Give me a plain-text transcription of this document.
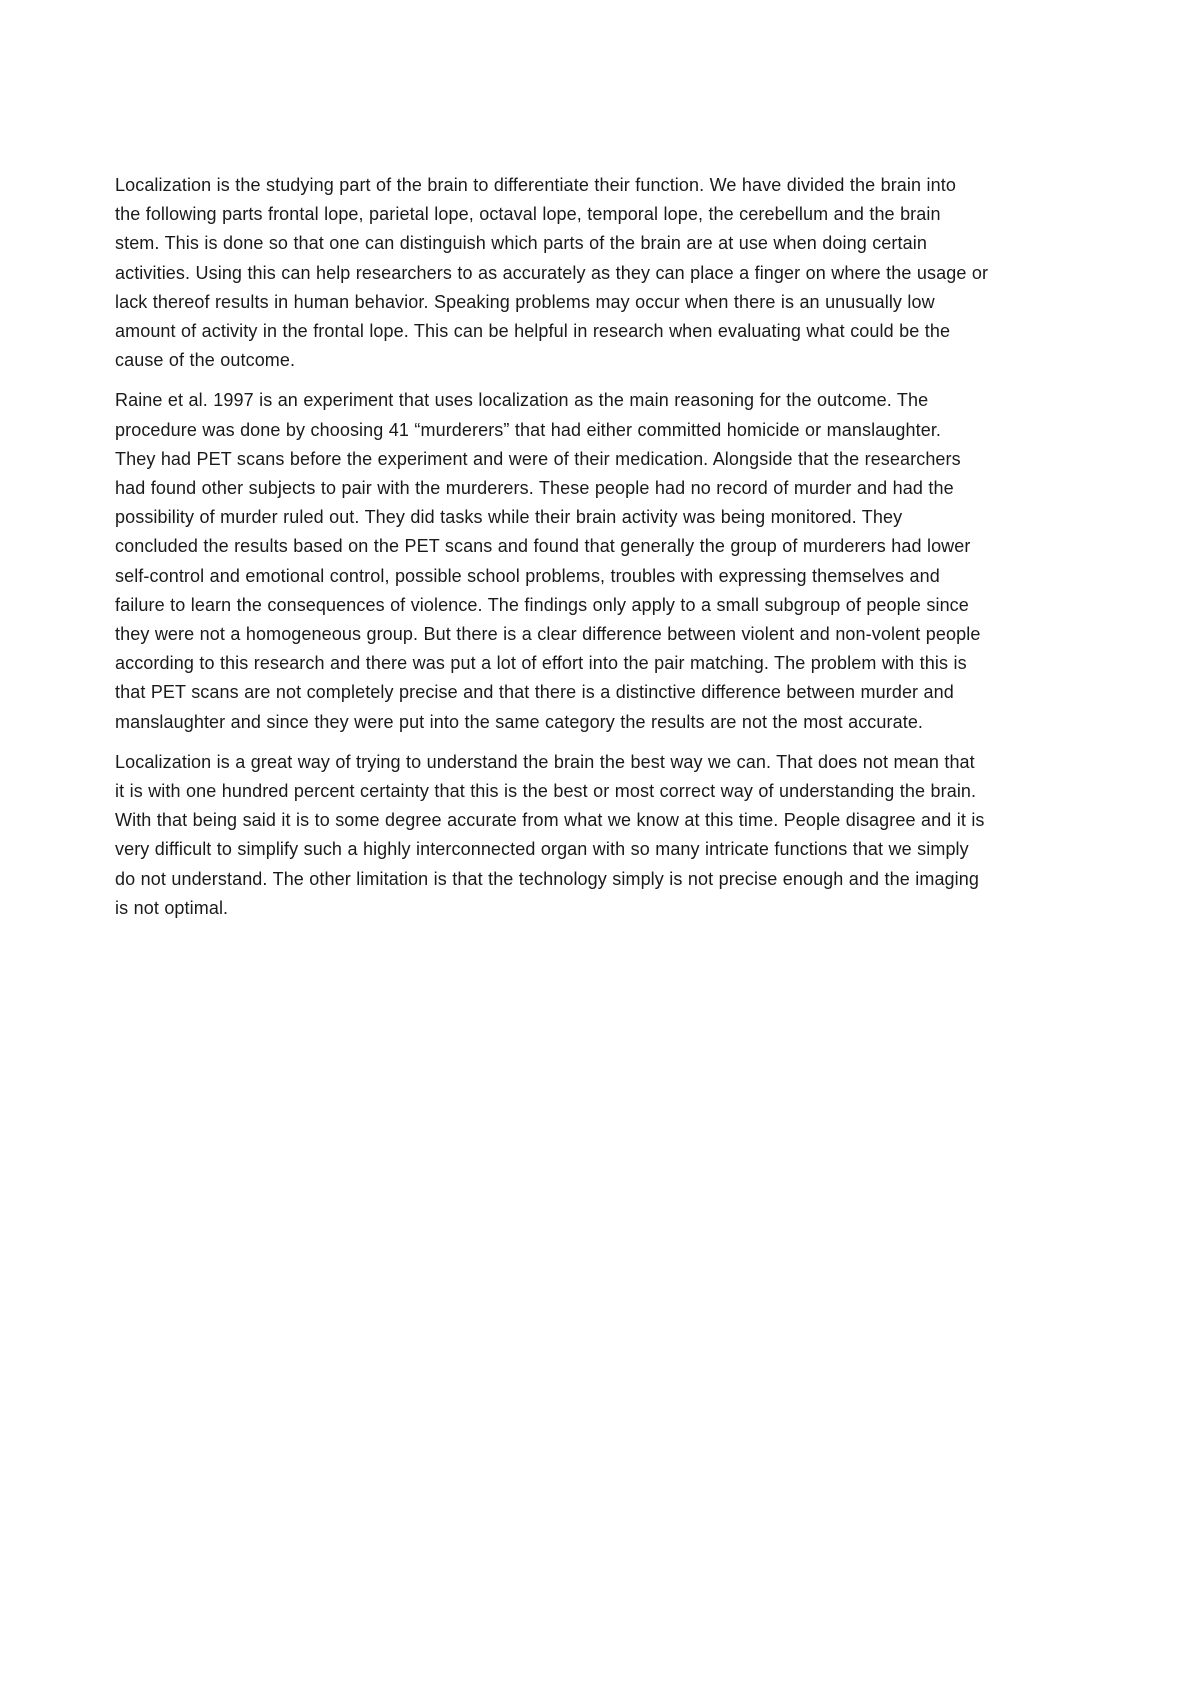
Localization is the studying part of the brain to differentiate their function. We have divided the brain into
the following parts frontal lope, parietal lope, octaval lope, temporal lope, the cerebellum and the brain
stem. This is done so that one can distinguish which parts of the brain are at use when doing certain
activities. Using this can help researchers to as accurately as they can place a finger on where the usage or
lack thereof results in human behavior. Speaking problems may occur when there is an unusually low
amount of activity in the frontal lope. This can be helpful in research when evaluating what could be the
cause of the outcome.

Raine et al. 1997 is an experiment that uses localization as the main reasoning for the outcome. The
procedure was done by choosing 41 “murderers” that had either committed homicide or manslaughter.
They had PET scans before the experiment and were of their medication. Alongside that the researchers
had found other subjects to pair with the murderers. These people had no record of murder and had the
possibility of murder ruled out. They did tasks while their brain activity was being monitored. They
concluded the results based on the PET scans and found that generally the group of murderers had lower
self-control and emotional control, possible school problems, troubles with expressing themselves and
failure to learn the consequences of violence. The findings only apply to a small subgroup of people since
they were not a homogeneous group. But there is a clear difference between violent and non-volent people
according to this research and there was put a lot of effort into the pair matching. The problem with this is
that PET scans are not completely precise and that there is a distinctive difference between murder and
manslaughter and since they were put into the same category the results are not the most accurate.

Localization is a great way of trying to understand the brain the best way we can. That does not mean that
it is with one hundred percent certainty that this is the best or most correct way of understanding the brain.
With that being said it is to some degree accurate from what we know at this time. People disagree and it is
very difficult to simplify such a highly interconnected organ with so many intricate functions that we simply
do not understand. The other limitation is that the technology simply is not precise enough and the imaging
is not optimal.
